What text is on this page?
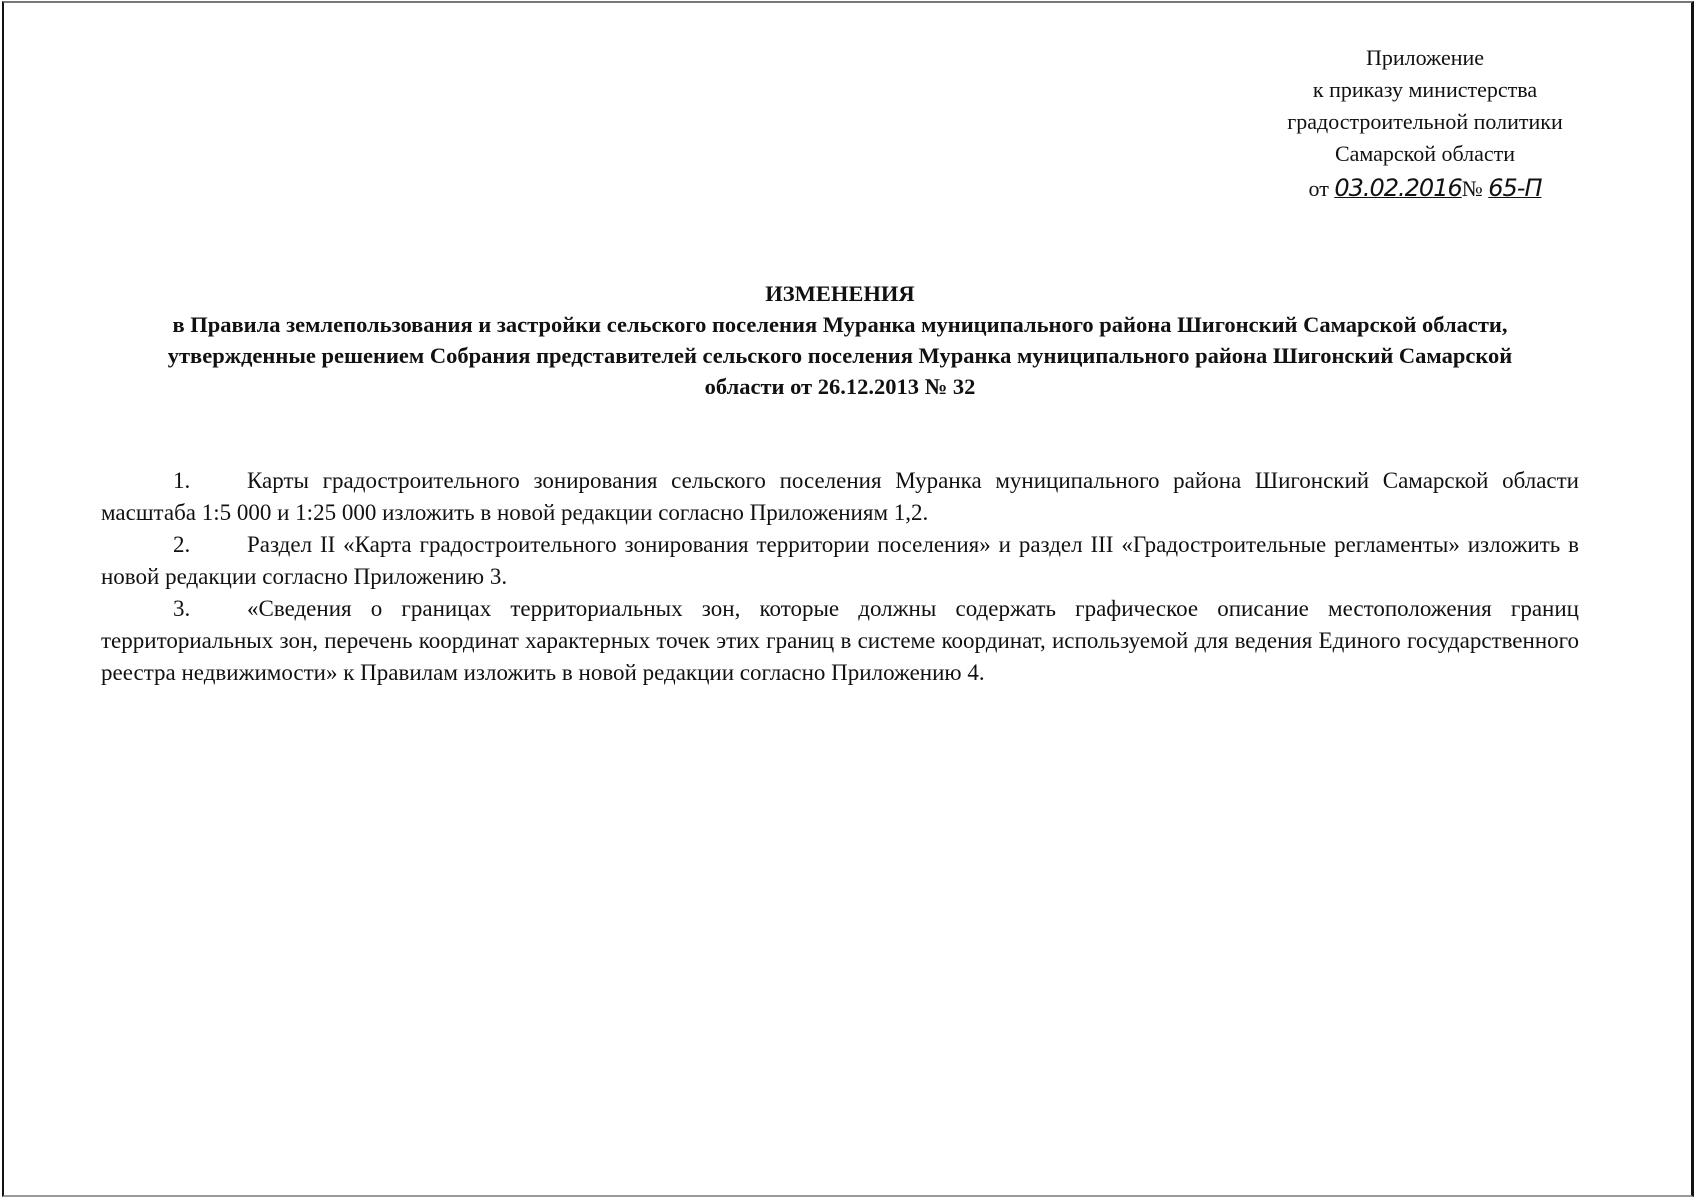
Приложение
к приказу министерства
градостроительной политики
Самарской области
от 03.02.2016№ 65-П
ИЗМЕНЕНИЯ
в Правила землепользования и застройки сельского поселения Муранка муниципального района Шигонский Самарской области, утвержденные решением Собрания представителей сельского поселения Муранка муниципального района Шигонский Самарской области от 26.12.2013 № 32
1.	Карты градостроительного зонирования сельского поселения Муранка муниципального района Шигонский Самарской области масштаба 1:5 000 и 1:25 000 изложить в новой редакции согласно Приложениям 1,2.
2.	Раздел II «Карта градостроительного зонирования территории поселения» и раздел III «Градостроительные регламенты» изложить в новой редакции согласно Приложению 3.
3.	«Сведения о границах территориальных зон, которые должны содержать графическое описание местоположения границ территориальных зон, перечень координат характерных точек этих границ в системе координат, используемой для ведения Единого государственного реестра недвижимости» к Правилам изложить в новой редакции согласно Приложению 4.
